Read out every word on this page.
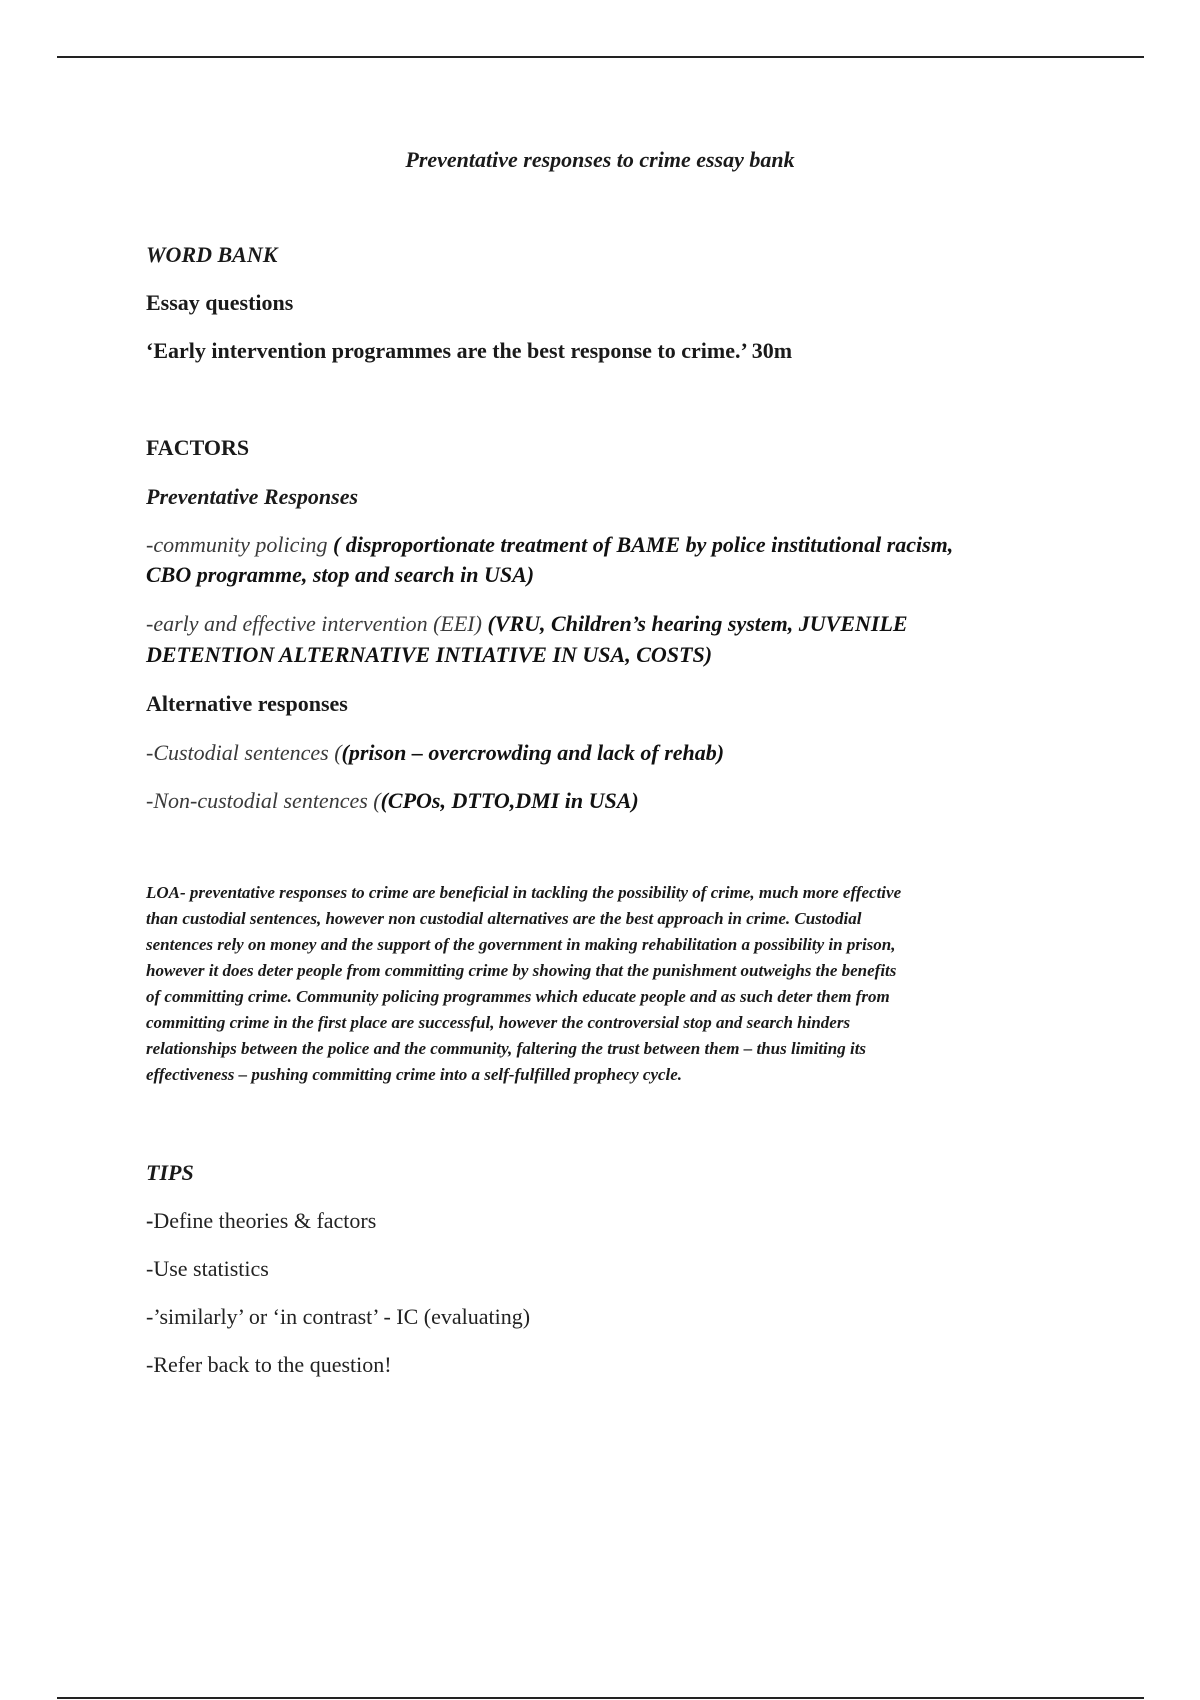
Preventative responses to crime essay bank
WORD BANK
Essay questions
‘Early intervention programmes are the best response to crime.’ 30m
FACTORS
Preventative Responses
-community policing ( disproportionate treatment of BAME by police institutional racism,
CBO programme, stop and search in USA)
-early and effective intervention (EEI) (VRU, Children’s hearing system, JUVENILE
DETENTION ALTERNATIVE INTIATIVE IN USA, COSTS)
Alternative responses
-Custodial sentences ((prison – overcrowding and lack of rehab)
-Non-custodial sentences ((CPOs, DTTO,DMI in USA)
LOA- preventative responses to crime are beneficial in tackling the possibility of crime, much more effective
than custodial sentences, however non custodial alternatives are the best approach in crime. Custodial
sentences rely on money and the support of the government in making rehabilitation a possibility in prison,
however it does deter people from committing crime by showing that the punishment outweighs the benefits
of committing crime. Community policing programmes which educate people and as such deter them from
committing crime in the first place are successful, however the controversial stop and search hinders
relationships between the police and the community, faltering the trust between them – thus limiting its
effectiveness – pushing committing crime into a self-fulfilled prophecy cycle.
TIPS
-Define theories & factors
-Use statistics
-’similarly’ or ‘in contrast’ - IC (evaluating)
-Refer back to the question!
